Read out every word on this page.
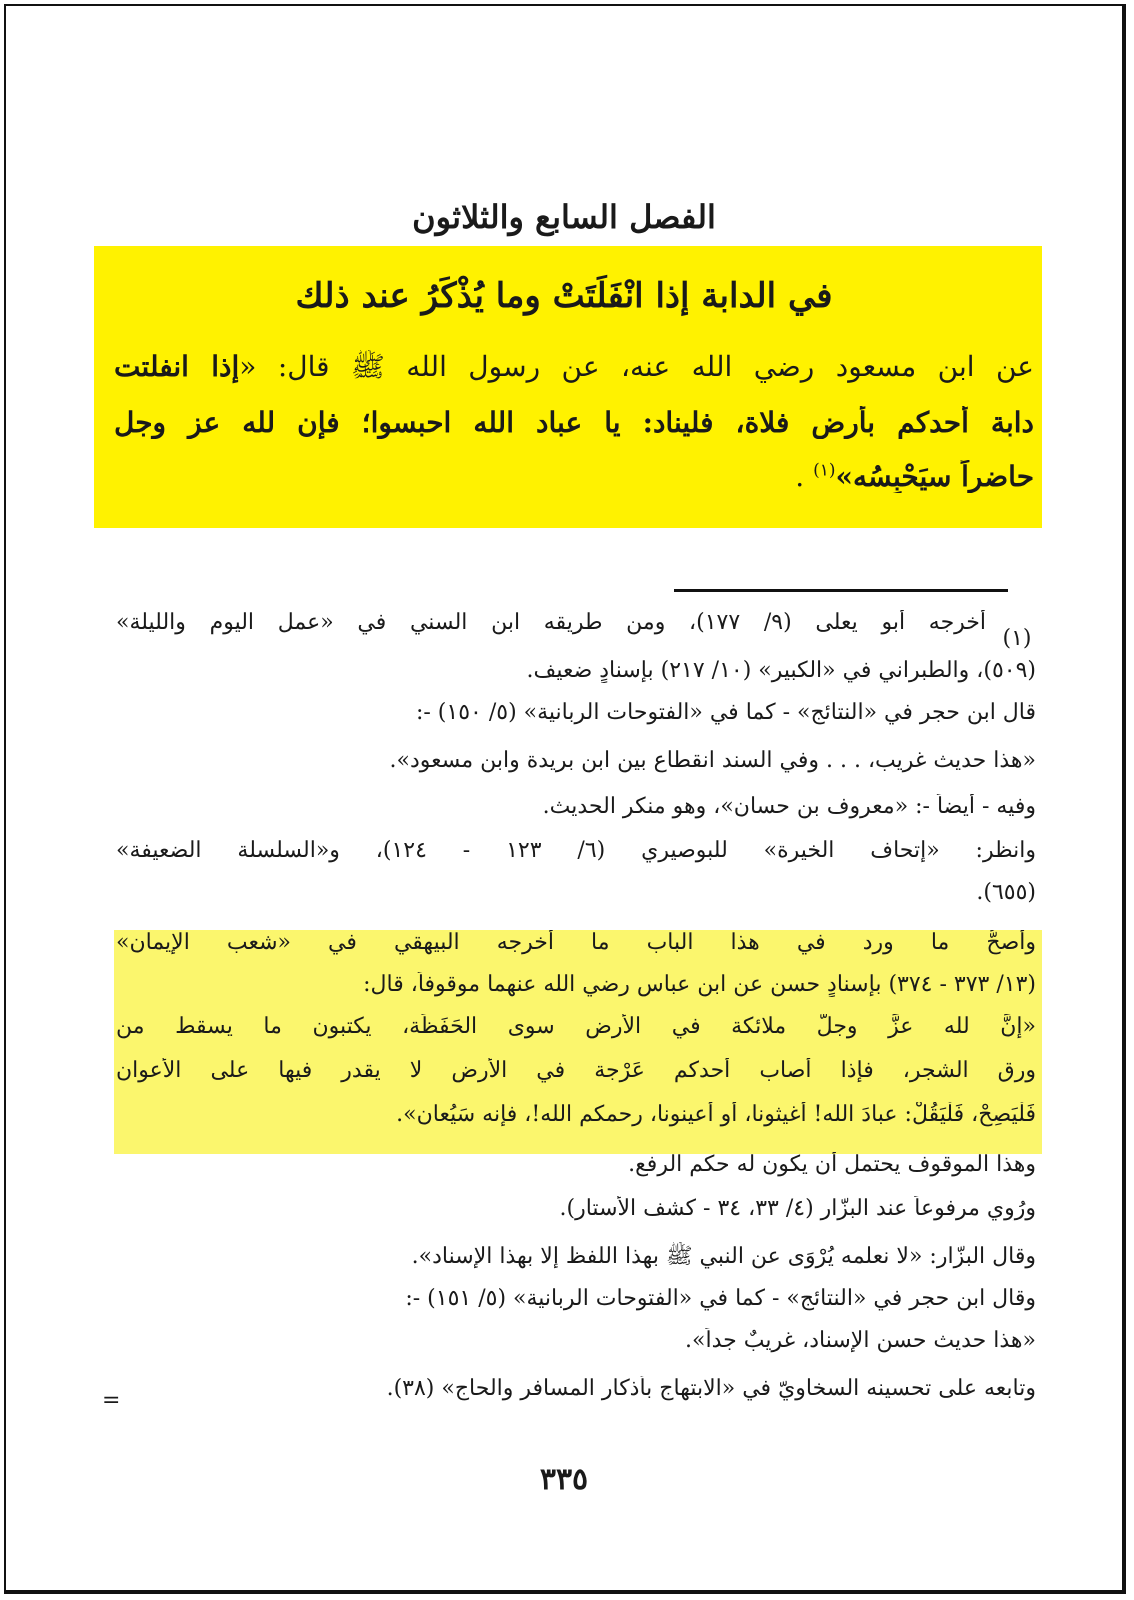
الفصل السابع والثلاثون
في الدابة إذا انْفَلَتَتْ وما يُذْكَرُ عند ذلك
عن ابن مسعود رضي الله عنه، عن رسول الله ﷺ قال: «إذا انفلتت
دابة أحدكم بأرض فلاة، فليناد: يا عباد الله احبسوا؛ فإن لله عز وجل
حاضراً سيَحْبِسُه»$^{(١)}$ .
(١)
أخرجه أبو يعلى (٩/ ١٧٧)، ومن طريقه ابن السني في «عمل اليوم والليلة»
(٥٠٩)، والطبراني في «الكبير» (١٠/ ٢١٧) بإسنادٍ ضعيف.
قال ابن حجر في «النتائج» - كما في «الفتوحات الربانية» (٥/ ١٥٠) -:
«هذا حديث غريب، . . . وفي السند انقطاع بين ابن بريدة وابن مسعود».
وفيه - أيضاً -: «معروف بن حسان»، وهو منكر الحديث.
وانظر: «إتحاف الخيرة» للبوصيري (٦/ ١٢٣ - ١٢٤)، و«السلسلة الضعيفة»
(٦٥٥).
وأصحُّ ما ورد في هذا الباب ما أخرجه البيهقي في «شعب الإيمان»
(١٣/ ٣٧٣ - ٣٧٤) بإسنادٍ حسن عن ابن عباسٍ رضي الله عنهما موقوفاً، قال:
«إنَّ لله عزَّ وجلَّ ملائكة في الأرض سوى الحَفَظَة، يكتبون ما يسقط من
ورق الشجر، فإذا أصاب أحدكم عَرْجة في الأرض لا يقدر فيها على الأعوان
فَلْيَصِحْ، فَلْيَقُلْ: عبادَ الله! أغيثونا، أو أعينونا، رحمكم الله!، فإنه سَيُعان».
وهذا الموقوف يحتمل أن يكون له حكم الرفع.
ورُوِي مرفوعاً عند البزّار (٤/ ٣٣، ٣٤ - كشف الأستار).
وقال البزّار: «لا نعلمه يُرْوَى عن النبي ﷺ بهذا اللفظ إلا بهذا الإسناد».
وقال ابن حجر في «النتائج» - كما في «الفتوحات الربانية» (٥/ ١٥١) -:
«هذا حديث حسن الإسناد، غريبٌ جداً».
وتابعه على تحسينه السخاويّ في «الابتهاج بأذكار المسافر والحاج» (٣٨).
=
٣٣٥
